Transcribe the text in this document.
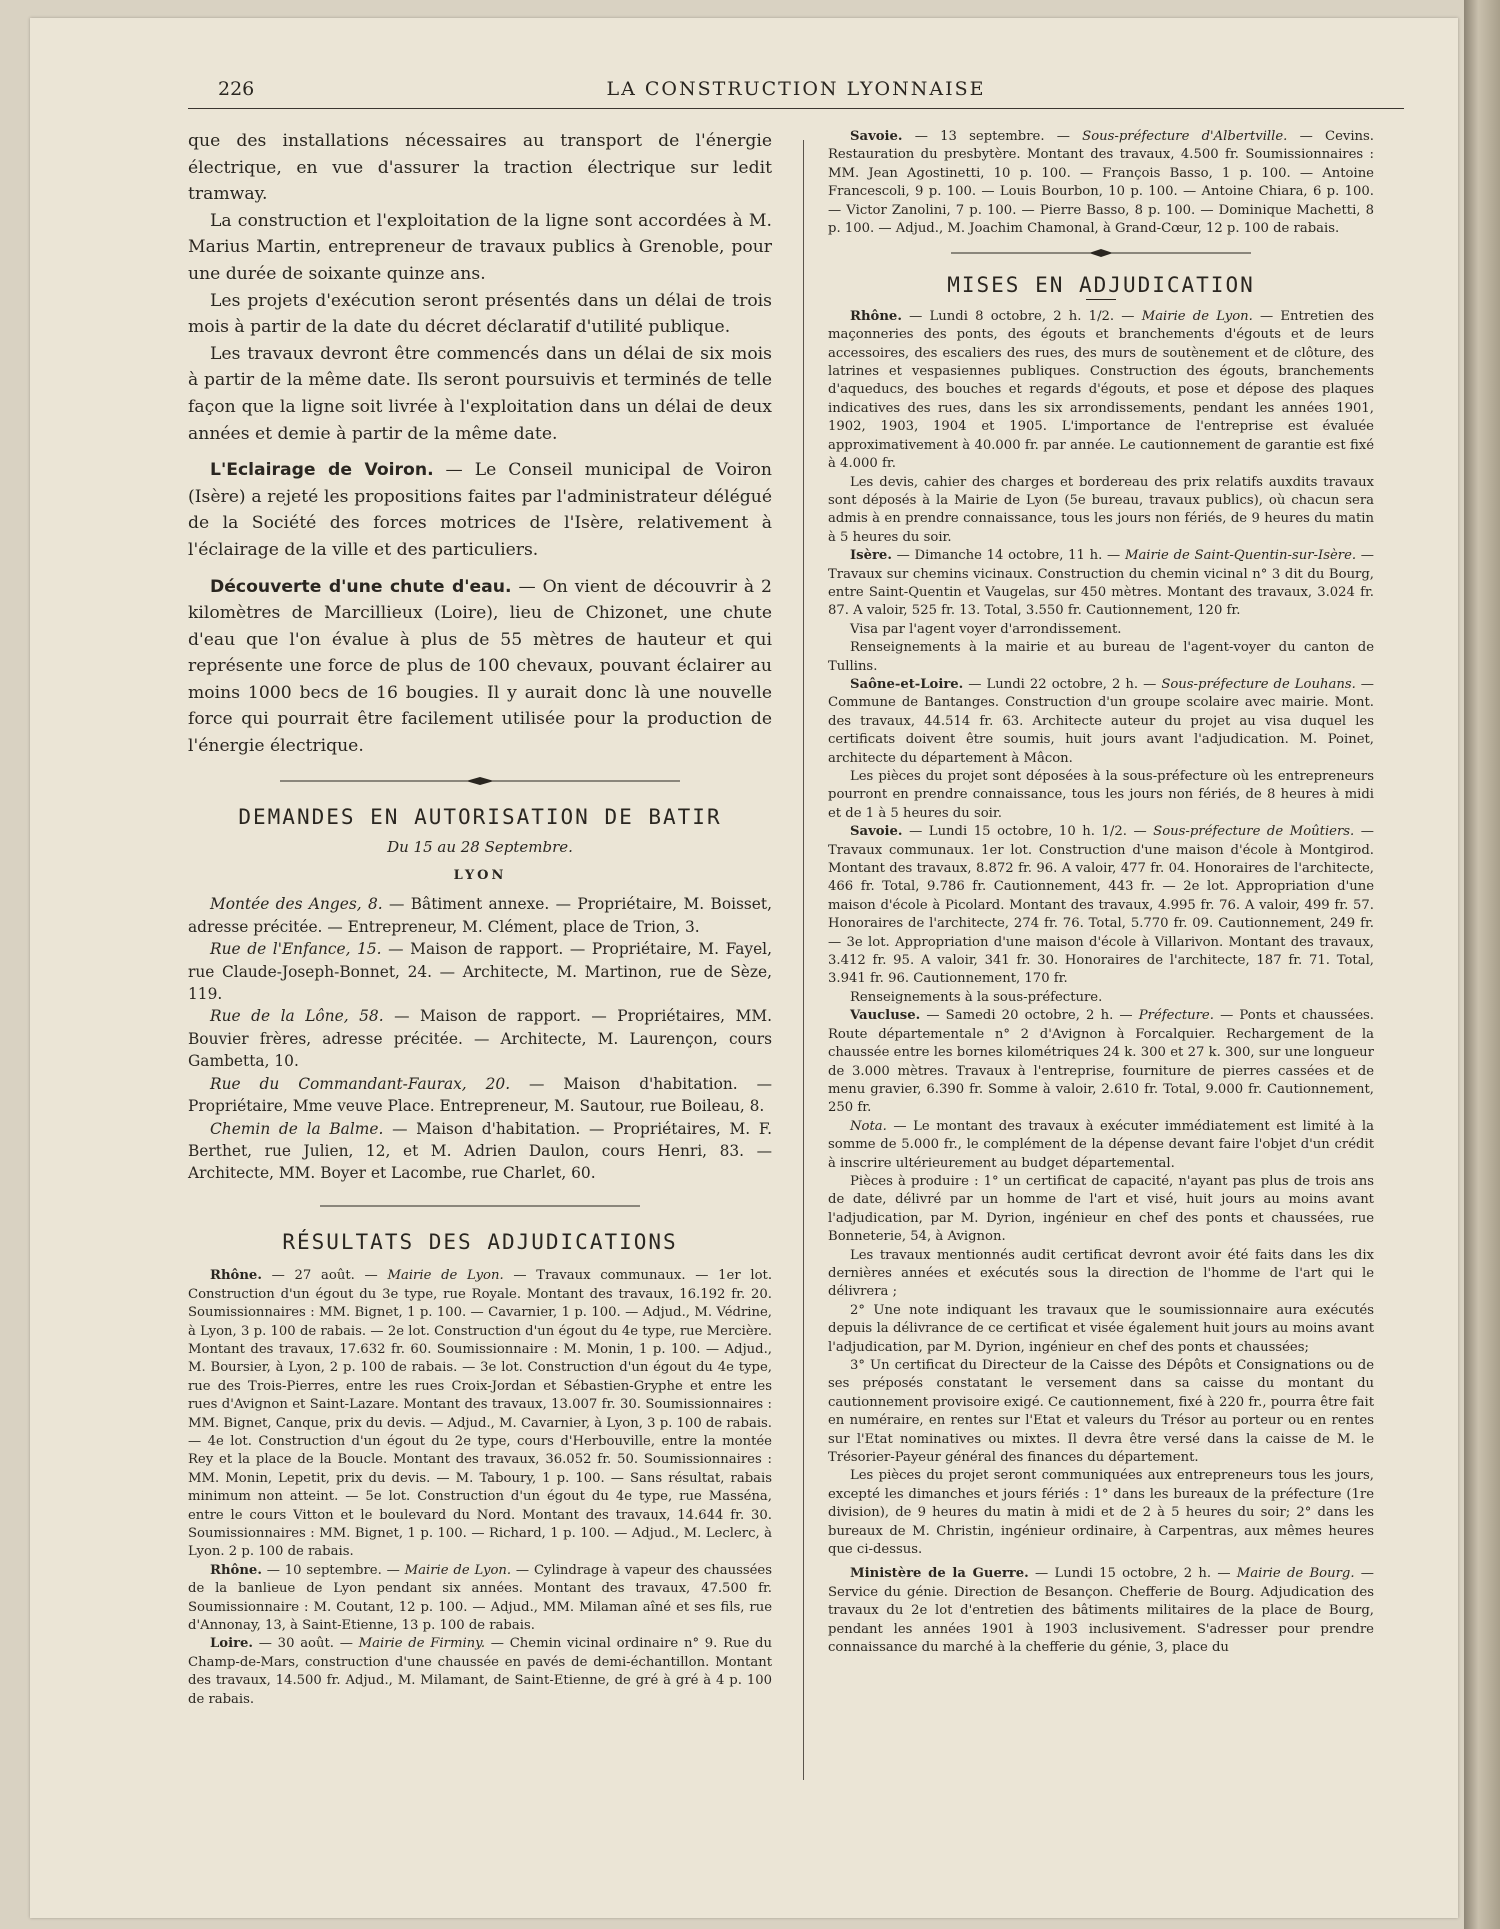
226	LA CONSTRUCTION LYONNAISE

que des installations nécessaires au transport de l'énergie électrique, en vue d'assurer la traction électrique sur ledit tramway.

La construction et l'exploitation de la ligne sont accordées à M. Marius Martin, entrepreneur de travaux publics à Grenoble, pour une durée de soixante quinze ans.

Les projets d'exécution seront présentés dans un délai de trois mois à partir de la date du décret déclaratif d'utilité publique.

Les travaux devront être commencés dans un délai de six mois à partir de la même date. Ils seront poursuivis et terminés de telle façon que la ligne soit livrée à l'exploitation dans un délai de deux années et demie à partir de la même date.

L'Eclairage de Voiron. — Le Conseil municipal de Voiron (Isère) a rejeté les propositions faites par l'administrateur délégué de la Société des forces motrices de l'Isère, relativement à l'éclairage de la ville et des particuliers.

Découverte d'une chute d'eau. — On vient de découvrir à 2 kilomètres de Marcillieux (Loire), lieu de Chizonet, une chute d'eau que l'on évalue à plus de 55 mètres de hauteur et qui représente une force de plus de 100 chevaux, pouvant éclairer au moins 1000 becs de 16 bougies. Il y aurait donc là une nouvelle force qui pourrait être facilement utilisée pour la production de l'énergie électrique.

DEMANDES EN AUTORISATION DE BATIR

Du 15 au 28 Septembre.

LYON

Montée des Anges, 8. — Bâtiment annexe. — Propriétaire, M. Boisset, adresse précitée. — Entrepreneur, M. Clément, place de Trion, 3.

Rue de l'Enfance, 15. — Maison de rapport. — Propriétaire, M. Fayel, rue Claude-Joseph-Bonnet, 24. — Architecte, M. Martinon, rue de Sèze, 119.

Rue de la Lône, 58. — Maison de rapport. — Propriétaires, MM. Bouvier frères, adresse précitée. — Architecte, M. Laurençon, cours Gambetta, 10.

Rue du Commandant-Faurax, 20. — Maison d'habitation. — Propriétaire, Mme veuve Place. Entrepreneur, M. Sautour, rue Boileau, 8.

Chemin de la Balme. — Maison d'habitation. — Propriétaires, M. F. Berthet, rue Julien, 12, et M. Adrien Daulon, cours Henri, 83. — Architecte, MM. Boyer et Lacombe, rue Charlet, 60.

RÉSULTATS DES ADJUDICATIONS

Rhône. — 27 août. — Mairie de Lyon. — Travaux communaux. — 1er lot. Construction d'un égout du 3e type, rue Royale. Montant des travaux, 16.192 fr. 20. Soumissionnaires : MM. Bignet, 1 p. 100. — Cavarnier, 1 p. 100. — Adjud., M. Védrine, à Lyon, 3 p. 100 de rabais. — 2e lot. Construction d'un égout du 4e type, rue Mercière. Montant des travaux, 17.632 fr. 60. Soumissionnaire : M. Monin, 1 p. 100. — Adjud., M. Boursier, à Lyon, 2 p. 100 de rabais. — 3e lot. Construction d'un égout du 4e type, rue des Trois-Pierres, entre les rues Croix-Jordan et Sébastien-Gryphe et entre les rues d'Avignon et Saint-Lazare. Montant des travaux, 13.007 fr. 30. Soumissionnaires : MM. Bignet, Canque, prix du devis. — Adjud., M. Cavarnier, à Lyon, 3 p. 100 de rabais. — 4e lot. Construction d'un égout du 2e type, cours d'Herbouville, entre la montée Rey et la place de la Boucle. Montant des travaux, 36.052 fr. 50. Soumissionnaires : MM. Monin, Lepetit, prix du devis. — M. Taboury, 1 p. 100. — Sans résultat, rabais minimum non atteint. — 5e lot. Construction d'un égout du 4e type, rue Masséna, entre le cours Vitton et le boulevard du Nord. Montant des travaux, 14.644 fr. 30. Soumissionnaires : MM. Bignet, 1 p. 100. — Richard, 1 p. 100. — Adjud., M. Leclerc, à Lyon. 2 p. 100 de rabais.

Rhône. — 10 septembre. — Mairie de Lyon. — Cylindrage à vapeur des chaussées de la banlieue de Lyon pendant six années. Montant des travaux, 47.500 fr. Soumissionnaire : M. Coutant, 12 p. 100. — Adjud., MM. Milaman aîné et ses fils, rue d'Annonay, 13, à Saint-Etienne, 13 p. 100 de rabais.

Loire. — 30 août. — Mairie de Firminy. — Chemin vicinal ordinaire n° 9. Rue du Champ-de-Mars, construction d'une chaussée en pavés de demi-échantillon. Montant des travaux, 14.500 fr. Adjud., M. Milamant, de Saint-Etienne, de gré à gré à 4 p. 100 de rabais.

Savoie. — 13 septembre. — Sous-préfecture d'Albertville. — Cevins. Restauration du presbytère. Montant des travaux, 4.500 fr. Soumissionnaires : MM. Jean Agostinetti, 10 p. 100. — François Basso, 1 p. 100. — Antoine Francescoli, 9 p. 100. — Louis Bourbon, 10 p. 100. — Antoine Chiara, 6 p. 100. — Victor Zanolini, 7 p. 100. — Pierre Basso, 8 p. 100. — Dominique Machetti, 8 p. 100. — Adjud., M. Joachim Chamonal, à Grand-Cœur, 12 p. 100 de rabais.

MISES EN ADJUDICATION

Rhône. — Lundi 8 octobre, 2 h. 1/2. — Mairie de Lyon. — Entretien des maçonneries des ponts, des égouts et branchements d'égouts et de leurs accessoires, des escaliers des rues, des murs de soutènement et de clôture, des latrines et vespasiennes publiques. Construction des égouts, branchements d'aqueducs, des bouches et regards d'égouts, et pose et dépose des plaques indicatives des rues, dans les six arrondissements, pendant les années 1901, 1902, 1903, 1904 et 1905. L'importance de l'entreprise est évaluée approximativement à 40.000 fr. par année. Le cautionnement de garantie est fixé à 4.000 fr.

Les devis, cahier des charges et bordereau des prix relatifs auxdits travaux sont déposés à la Mairie de Lyon (5e bureau, travaux publics), où chacun sera admis à en prendre connaissance, tous les jours non fériés, de 9 heures du matin à 5 heures du soir.

Isère. — Dimanche 14 octobre, 11 h. — Mairie de Saint-Quentin-sur-Isère. — Travaux sur chemins vicinaux. Construction du chemin vicinal n° 3 dit du Bourg, entre Saint-Quentin et Vaugelas, sur 450 mètres. Montant des travaux, 3.024 fr. 87. A valoir, 525 fr. 13. Total, 3.550 fr. Cautionnement, 120 fr.

Visa par l'agent voyer d'arrondissement.

Renseignements à la mairie et au bureau de l'agent-voyer du canton de Tullins.

Saône-et-Loire. — Lundi 22 octobre, 2 h. — Sous-préfecture de Louhans. — Commune de Bantanges. Construction d'un groupe scolaire avec mairie. Mont. des travaux, 44.514 fr. 63. Architecte auteur du projet au visa duquel les certificats doivent être soumis, huit jours avant l'adjudication. M. Poinet, architecte du département à Mâcon.

Les pièces du projet sont déposées à la sous-préfecture où les entrepreneurs pourront en prendre connaissance, tous les jours non fériés, de 8 heures à midi et de 1 à 5 heures du soir.

Savoie. — Lundi 15 octobre, 10 h. 1/2. — Sous-préfecture de Moûtiers. — Travaux communaux. 1er lot. Construction d'une maison d'école à Montgirod. Montant des travaux, 8.872 fr. 96. A valoir, 477 fr. 04. Honoraires de l'architecte, 466 fr. Total, 9.786 fr. Cautionnement, 443 fr. — 2e lot. Appropriation d'une maison d'école à Picolard. Montant des travaux, 4.995 fr. 76. A valoir, 499 fr. 57. Honoraires de l'architecte, 274 fr. 76. Total, 5.770 fr. 09. Cautionnement, 249 fr. — 3e lot. Appropriation d'une maison d'école à Villarivon. Montant des travaux, 3.412 fr. 95. A valoir, 341 fr. 30. Honoraires de l'architecte, 187 fr. 71. Total, 3.941 fr. 96. Cautionnement, 170 fr.

Renseignements à la sous-préfecture.

Vaucluse. — Samedi 20 octobre, 2 h. — Préfecture. — Ponts et chaussées. Route départementale n° 2 d'Avignon à Forcalquier. Rechargement de la chaussée entre les bornes kilométriques 24 k. 300 et 27 k. 300, sur une longueur de 3.000 mètres. Travaux à l'entreprise, fourniture de pierres cassées et de menu gravier, 6.390 fr. Somme à valoir, 2.610 fr. Total, 9.000 fr. Cautionnement, 250 fr.

Nota. — Le montant des travaux à exécuter immédiatement est limité à la somme de 5.000 fr., le complément de la dépense devant faire l'objet d'un crédit à inscrire ultérieurement au budget départemental.

Pièces à produire : 1° un certificat de capacité, n'ayant pas plus de trois ans de date, délivré par un homme de l'art et visé, huit jours au moins avant l'adjudication, par M. Dyrion, ingénieur en chef des ponts et chaussées, rue Bonneterie, 54, à Avignon.

Les travaux mentionnés audit certificat devront avoir été faits dans les dix dernières années et exécutés sous la direction de l'homme de l'art qui le délivrera ;

2° Une note indiquant les travaux que le soumissionnaire aura exécutés depuis la délivrance de ce certificat et visée également huit jours au moins avant l'adjudication, par M. Dyrion, ingénieur en chef des ponts et chaussées;

3° Un certificat du Directeur de la Caisse des Dépôts et Consignations ou de ses préposés constatant le versement dans sa caisse du montant du cautionnement provisoire exigé. Ce cautionnement, fixé à 220 fr., pourra être fait en numéraire, en rentes sur l'Etat et valeurs du Trésor au porteur ou en rentes sur l'Etat nominatives ou mixtes. Il devra être versé dans la caisse de M. le Trésorier-Payeur général des finances du département.

Les pièces du projet seront communiquées aux entrepreneurs tous les jours, excepté les dimanches et jours fériés : 1° dans les bureaux de la préfecture (1re division), de 9 heures du matin à midi et de 2 à 5 heures du soir; 2° dans les bureaux de M. Christin, ingénieur ordinaire, à Carpentras, aux mêmes heures que ci-dessus.

Ministère de la Guerre. — Lundi 15 octobre, 2 h. — Mairie de Bourg. — Service du génie. Direction de Besançon. Chefferie de Bourg. Adjudication des travaux du 2e lot d'entretien des bâtiments militaires de la place de Bourg, pendant les années 1901 à 1903 inclusivement. S'adresser pour prendre connaissance du marché à la chefferie du génie, 3, place du
